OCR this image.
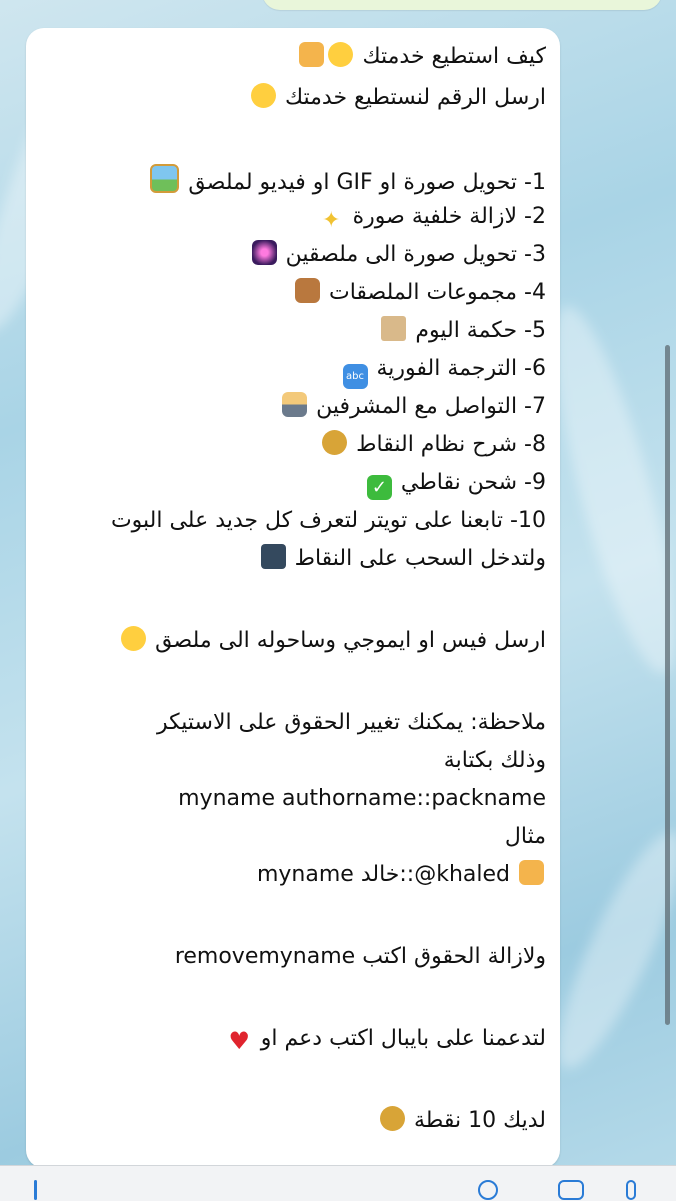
كيف استطيع خدمتك
ارسل الرقم لنستطيع خدمتك
1- تحويل صورة او GIF او فيديو لملصق
2- لازالة خلفية صورة ✦
3- تحويل صورة الى ملصقين
4- مجموعات الملصقات
5- حكمة اليوم
6- الترجمة الفورية abc
7- التواصل مع المشرفين
8- شرح نظام النقاط
9- شحن نقاطي ✓
10- تابعنا على تويتر لتعرف كل جديد على البوت
ولتدخل السحب على النقاط
ارسل فيس او ايموجي وساحوله الى ملصق
ملاحظة: يمكنك تغيير الحقوق على الاستيكر
وذلك بكتابة
myname authorname::packname
مثال
myname خالد::@khaled
ولازالة الحقوق اكتب removemyname
لتدعمنا على بايبال اكتب دعم او ♥
لديك 10 نقطة
